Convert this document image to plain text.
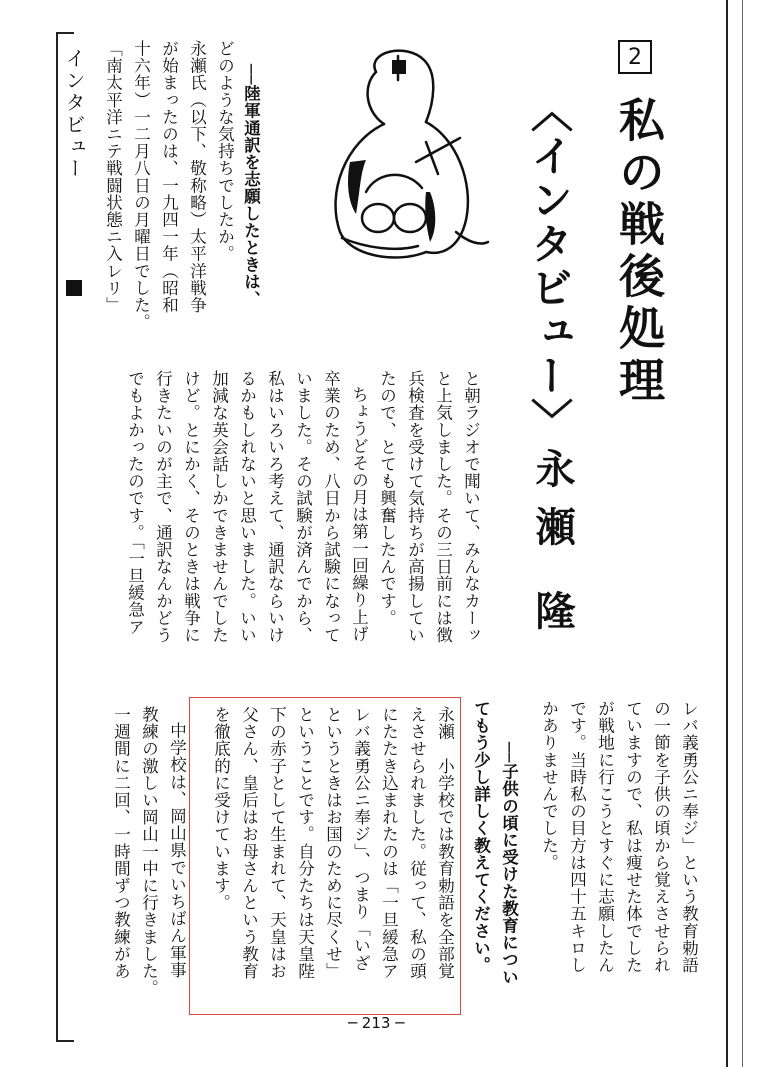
インタビュー	2
私の戦後処理
〈インタビュー〉
永瀬
隆
──陸軍通訳を志願したときは、
どのような気持ちでしたか。
永瀬氏（以下、敬称略）太平洋戦争
が始まったのは、一九四一年（昭和
十六年）一二月八日の月曜日でした。
「南太平洋ニテ戦闘状態ニ入レリ」
と朝ラジオで聞いて、みんなカーッ
と上気しました。その三日前には徴
兵検査を受けて気持ちが高揚してい
たので、とても興奮したんです。
ちょうどその月は第一回繰り上げ
卒業のため、八日から試験になって
いました。その試験が済んでから、
私はいろいろ考えて、通訳ならいけ
るかもしれないと思いました。いい
加減な英会話しかできませんでした
けど。とにかく、そのときは戦争に
行きたいのが主で、通訳なんかどう
でもよかったのです。「一旦緩急ア
レバ義勇公ニ奉ジ」という教育勅語
の一節を子供の頃から覚えさせられ
ていますので、私は痩せた体でした
が戦地に行こうとすぐに志願したん
です。当時私の目方は四十五キロし
かありませんでした。
──子供の頃に受けた教育につい
てもう少し詳しく教えてください。
永瀬　小学校では教育勅語を全部覚
えさせられました。従って、私の頭
にたたき込まれたのは「一旦緩急ア
レバ義勇公ニ奉ジ」、つまり「いざ
というときはお国のために尽くせ」
ということです。自分たちは天皇陛
下の赤子として生まれて、天皇はお
父さん、皇后はお母さんという教育
を徹底的に受けています。
中学校は、岡山県でいちばん軍事
教練の激しい岡山一中に行きました。
一週間に二回、一時間ずつ教練があ
─ 213 ─
